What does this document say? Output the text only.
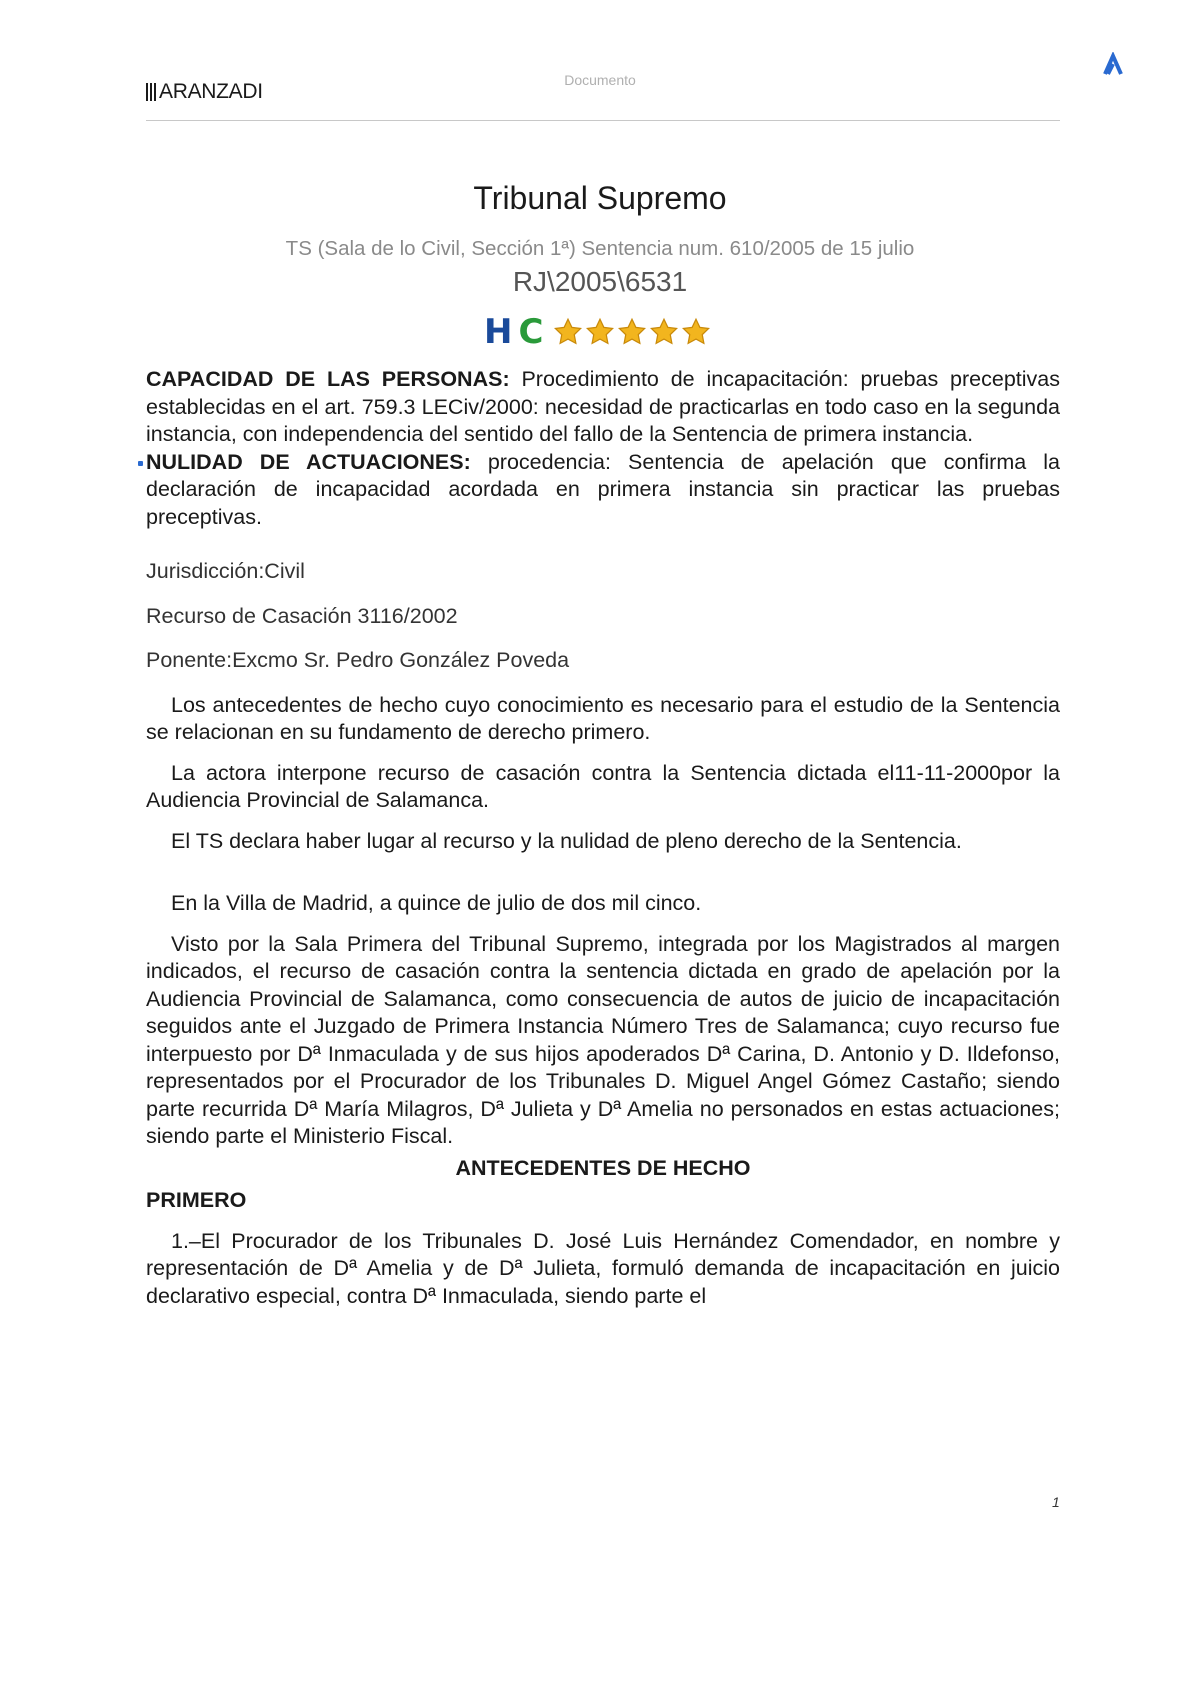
ARANZADI	Documento
Tribunal Supremo
TS (Sala de lo Civil, Sección 1ª) Sentencia num. 610/2005 de 15 julio
RJ\2005\6531
H C

CAPACIDAD DE LAS PERSONAS: Procedimiento de incapacitación: pruebas preceptivas establecidas en el art. 759.3 LECiv/2000: necesidad de practicarlas en todo caso en la segunda instancia, con independencia del sentido del fallo de la Sentencia de primera instancia.

NULIDAD DE ACTUACIONES: procedencia: Sentencia de apelación que confirma la declaración de incapacidad acordada en primera instancia sin practicar las pruebas preceptivas.

Jurisdicción:Civil

Recurso de Casación 3116/2002

Ponente:Excmo Sr. Pedro González Poveda

Los antecedentes de hecho cuyo conocimiento es necesario para el estudio de la Sentencia se relacionan en su fundamento de derecho primero.

La actora interpone recurso de casación contra la Sentencia dictada el11-11-2000por la Audiencia Provincial de Salamanca.

El TS declara haber lugar al recurso y la nulidad de pleno derecho de la Sentencia.

En la Villa de Madrid, a quince de julio de dos mil cinco.

Visto por la Sala Primera del Tribunal Supremo, integrada por los Magistrados al margen indicados, el recurso de casación contra la sentencia dictada en grado de apelación por la Audiencia Provincial de Salamanca, como consecuencia de autos de juicio de incapacitación seguidos ante el Juzgado de Primera Instancia Número Tres de Salamanca; cuyo recurso fue interpuesto por Dª Inmaculada y de sus hijos apoderados Dª Carina, D. Antonio y D. Ildefonso, representados por el Procurador de los Tribunales D. Miguel Angel Gómez Castaño; siendo parte recurrida Dª María Milagros, Dª Julieta y Dª Amelia no personados en estas actuaciones; siendo parte el Ministerio Fiscal.

ANTECEDENTES DE HECHO

PRIMERO

1.–El Procurador de los Tribunales D. José Luis Hernández Comendador, en nombre y representación de Dª Amelia y de Dª Julieta, formuló demanda de incapacitación en juicio declarativo especial, contra Dª Inmaculada, siendo parte el

1
